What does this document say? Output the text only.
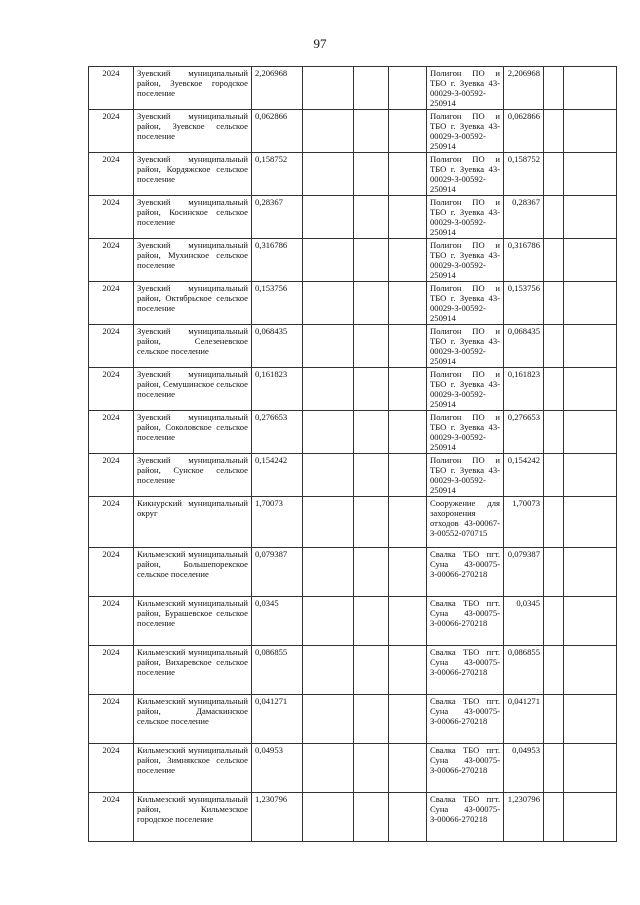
97
2024	Зуевский муниципальный район, Зуевское городское поселение	2,206968				Полигон ПО и ТБО г. Зуевка 43-00029-З-00592-250914	2,206968		
2024	Зуевский муниципальный район, Зуевское сельское поселение	0,062866				Полигон ПО и ТБО г. Зуевка 43-00029-З-00592-250914	0,062866		
2024	Зуевский муниципальный район, Кордяжское сельское поселение	0,158752				Полигон ПО и ТБО г. Зуевка 43-00029-З-00592-250914	0,158752		
2024	Зуевский муниципальный район, Косинское сельское поселение	0,28367				Полигон ПО и ТБО г. Зуевка 43-00029-З-00592-250914	0,28367		
2024	Зуевский муниципальный район, Мухинское сельское поселение	0,316786				Полигон ПО и ТБО г. Зуевка 43-00029-З-00592-250914	0,316786		
2024	Зуевский муниципальный район, Октябрьское сельское поселение	0,153756				Полигон ПО и ТБО г. Зуевка 43-00029-З-00592-250914	0,153756		
2024	Зуевский муниципальный район, Селезеневское сельское поселение	0,068435				Полигон ПО и ТБО г. Зуевка 43-00029-З-00592-250914	0,068435		
2024	Зуевский муниципальный район, Семушинское сельское поселение	0,161823				Полигон ПО и ТБО г. Зуевка 43-00029-З-00592-250914	0,161823		
2024	Зуевский муниципальный район, Соколовское сельское поселение	0,276653				Полигон ПО и ТБО г. Зуевка 43-00029-З-00592-250914	0,276653		
2024	Зуевский муниципальный район, Сунское сельское поселение	0,154242				Полигон ПО и ТБО г. Зуевка 43-00029-З-00592-250914	0,154242		
2024	Кикнурский муниципальный округ	1,70073				Сооружение для захоронения отходов 43-00067-З-00552-070715	1,70073		
2024	Кильмезский муниципальный район, Большепорекское сельское поселение	0,079387				Свалка ТБО пгт. Суна 43-00075-З-00066-270218	0,079387		
2024	Кильмезский муниципальный район, Бурашевское сельское поселение	0,0345				Свалка ТБО пгт. Суна 43-00075-З-00066-270218	0,0345		
2024	Кильмезский муниципальный район, Вихаревское сельское поселение	0,086855				Свалка ТБО пгт. Суна 43-00075-З-00066-270218	0,086855		
2024	Кильмезский муниципальный район, Дамаскинское сельское поселение	0,041271				Свалка ТБО пгт. Суна 43-00075-З-00066-270218	0,041271		
2024	Кильмезский муниципальный район, Зимнякское сельское поселение	0,04953				Свалка ТБО пгт. Суна 43-00075-З-00066-270218	0,04953		
2024	Кильмезский муниципальный район, Кильмезское городское поселение	1,230796				Свалка ТБО пгт. Суна 43-00075-З-00066-270218	1,230796		
